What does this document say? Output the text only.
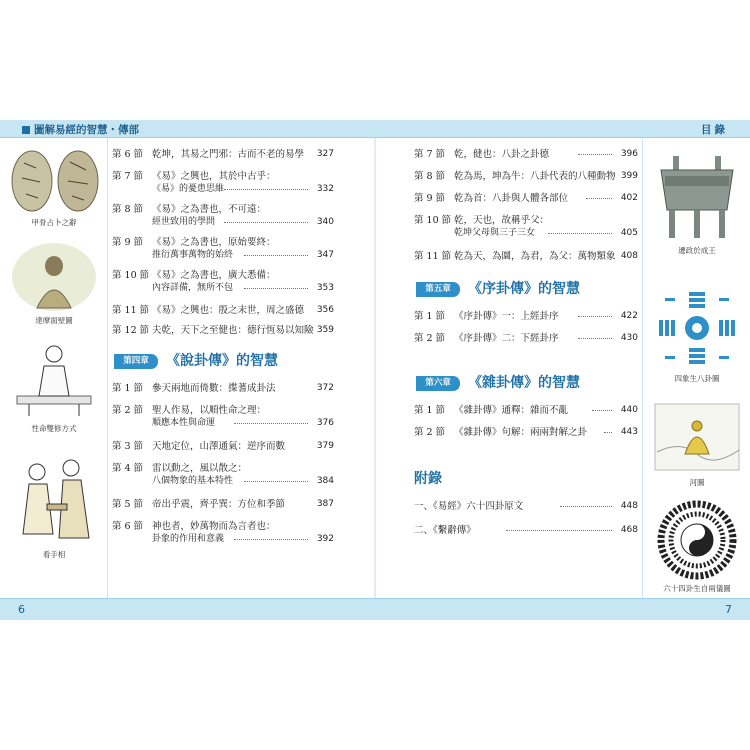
圖解易經的智慧・傳部	目錄
甲骨占卜之辭
達摩面壁圖
性命雙修方式
看手相
第 6 節 乾坤，其易之門邪：古而不老的易學 327
第 7 節 《易》之興也，其於中古乎：
《易》的憂患思維	332
第 8 節 《易》之為書也，不可遠：
經世致用的學問	340
第 9 節 《易》之為書也，原始要終：
推衍萬事萬物的始終	347
第 10 節 《易》之為書也，廣大悉備：
內容詳備，無所不包	353
第 11 節 《易》之興也：殷之末世，周之盛德 356
第 12 節 夫乾，天下之至健也：德行恆易以知險 359
第四章	《說卦傳》的智慧
第 1 節 參天兩地而倚數：揲蓍成卦法	372
第 2 節 聖人作易，以順性命之理：
順應本性與命運	376
第 3 節 天地定位，山澤通氣：逆序而數	379
第 4 節 雷以動之，風以散之：
八個物象的基本特性	384
第 5 節 帝出乎震，齊乎巽：方位和季節	387
第 6 節 神也者，妙萬物而為言者也：
卦象的作用和意義	392
第 7 節 乾，健也：八卦之卦德	396
第 8 節 乾為馬，坤為牛：八卦代表的八種動物 399
第 9 節 乾為首：八卦與人體各部位	402
第 10 節 乾，天也，故稱乎父：
乾坤父母與三子三女	405
第 11 節 乾為天，為圜，為君，為父：萬物類象 408
第五章	《序卦傳》的智慧
第 1 節 《序卦傳》一：上經卦序	422
第 2 節 《序卦傳》二：下經卦序	430
第六章	《雜卦傳》的智慧
第 1 節 《雜卦傳》通釋：雜而不亂	440
第 2 節 《雜卦傳》句解：兩兩對解之卦	443
附錄
一、《易經》六十四卦原文	448
二、《繫辭傳》	468
遷政於成王
四象生八卦圖
河圖
六十四卦生自兩儀圖
6	7
